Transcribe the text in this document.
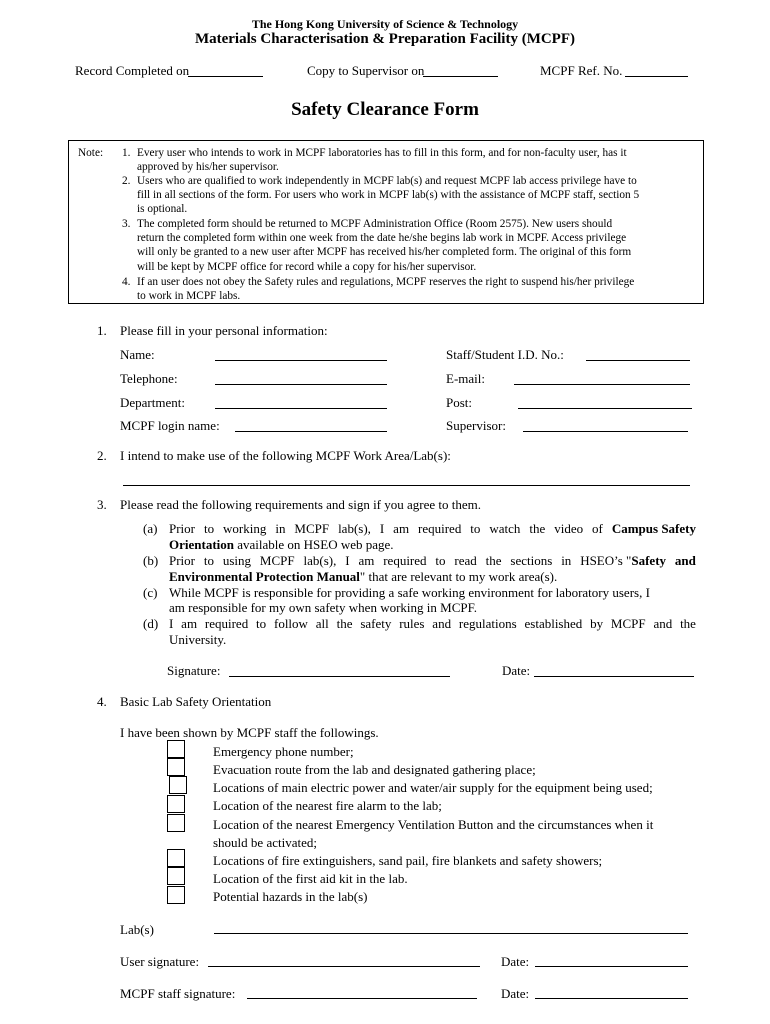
The Hong Kong University of Science & Technology
Materials Characterisation & Preparation Facility (MCPF)
Record Completed on	Copy to Supervisor on	MCPF Ref. No.
Safety Clearance Form
Note: 1. Every user who intends to work in MCPF laboratories has to fill in this form, and for non-faculty user, has it
approved by his/her supervisor.
2. Users who are qualified to work independently in MCPF lab(s) and request MCPF lab access privilege have to
fill in all sections of the form. For users who work in MCPF lab(s) with the assistance of MCPF staff, section 5
is optional.
3. The completed form should be returned to MCPF Administration Office (Room 2575). New users should
return the completed form within one week from the date he/she begins lab work in MCPF. Access privilege
will only be granted to a new user after MCPF has received his/her completed form. The original of this form
will be kept by MCPF office for record while a copy for his/her supervisor.
4. If an user does not obey the Safety rules and regulations, MCPF reserves the right to suspend his/her privilege
to work in MCPF labs.
1. Please fill in your personal information:
Name:	Staff/Student I.D. No.:
Telephone:	E-mail:
Department:	Post:
MCPF login name:	Supervisor:
2. I intend to make use of the following MCPF Work Area/Lab(s):
3. Please read the following requirements and sign if you agree to them.
(a) Prior to working in MCPF lab(s), I am required to watch the video of Campus Safety
Orientation available on HSEO web page.
(b) Prior to using MCPF lab(s), I am required to read the sections in HSEO’s "Safety and
Environmental Protection Manual" that are relevant to my work area(s).
(c) While MCPF is responsible for providing a safe working environment for laboratory users, I
am responsible for my own safety when working in MCPF.
(d) I am required to follow all the safety rules and regulations established by MCPF and the
University.
Signature:	Date:
4. Basic Lab Safety Orientation
I have been shown by MCPF staff the followings.
Emergency phone number;
Evacuation route from the lab and designated gathering place;
Locations of main electric power and water/air supply for the equipment being used;
Location of the nearest fire alarm to the lab;
Location of the nearest Emergency Ventilation Button and the circumstances when it
should be activated;
Locations of fire extinguishers, sand pail, fire blankets and safety showers;
Location of the first aid kit in the lab.
Potential hazards in the lab(s)
Lab(s)
User signature:	Date:
MCPF staff signature:	Date:
